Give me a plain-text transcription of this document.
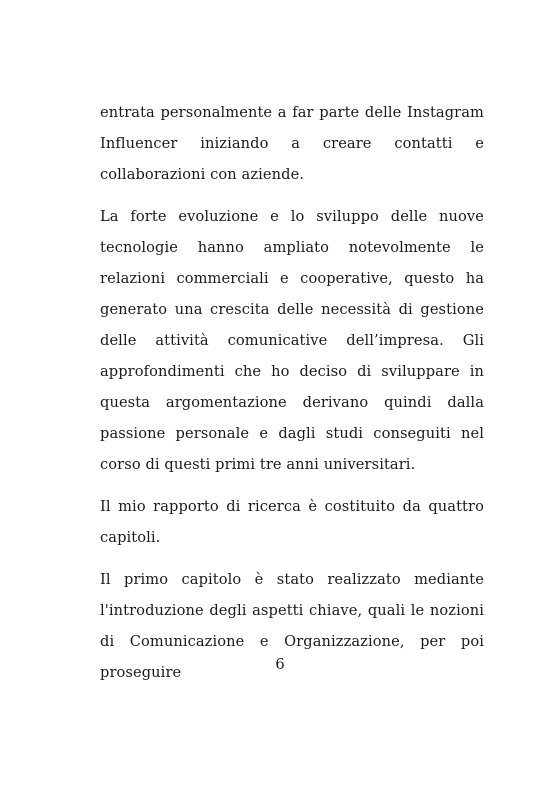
entrata personalmente a far parte delle Instagram Influencer iniziando a creare contatti e collaborazioni con aziende.

La forte evoluzione e lo sviluppo delle nuove tecnologie hanno ampliato notevolmente le relazioni commerciali e cooperative, questo ha generato una crescita delle necessità di gestione delle attività comunicative dell’impresa. Gli approfondimenti che ho deciso di sviluppare in questa argomentazione derivano quindi dalla passione personale e dagli studi conseguiti nel corso di questi primi tre anni universitari.

Il mio rapporto di ricerca è costituito da quattro capitoli.

Il primo capitolo è stato realizzato mediante l'introduzione degli aspetti chiave, quali le nozioni di Comunicazione e Organizzazione, per poi proseguire	6
